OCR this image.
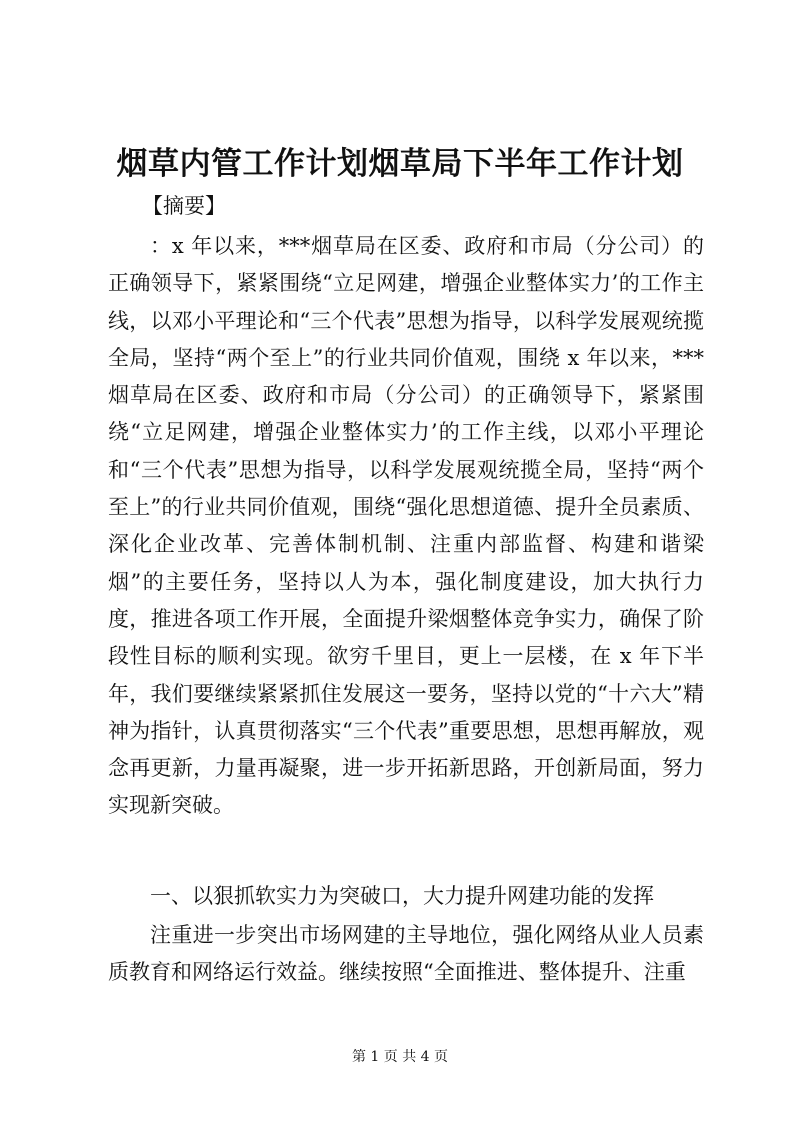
烟草内管工作计划烟草局下半年工作计划
【摘要】
：x 年以来，***烟草局在区委、政府和市局（分公司）的正确领导下，紧紧围绕“立足网建，增强企业整体实力’的工作主线，以邓小平理论和“三个代表”思想为指导，以科学发展观统揽全局，坚持“两个至上”的行业共同价值观，围绕 x 年以来，***烟草局在区委、政府和市局（分公司）的正确领导下，紧紧围绕“立足网建，增强企业整体实力’的工作主线，以邓小平理论和“三个代表”思想为指导，以科学发展观统揽全局，坚持“两个至上”的行业共同价值观，围绕“强化思想道德、提升全员素质、深化企业改革、完善体制机制、注重内部监督、构建和谐梁烟”的主要任务，坚持以人为本，强化制度建设，加大执行力度，推进各项工作开展，全面提升梁烟整体竞争实力，确保了阶段性目标的顺利实现。欲穷千里目，更上一层楼，在 x 年下半年，我们要继续紧紧抓住发展这一要务，坚持以党的“十六大”精神为指针，认真贯彻落实“三个代表”重要思想，思想再解放，观念再更新，力量再凝聚，进一步开拓新思路，开创新局面，努力实现新突破。
一、以狠抓软实力为突破口，大力提升网建功能的发挥
注重进一步突出市场网建的主导地位，强化网络从业人员素质教育和网络运行效益。继续按照“全面推进、整体提升、注重
第 1 页 共 4 页
